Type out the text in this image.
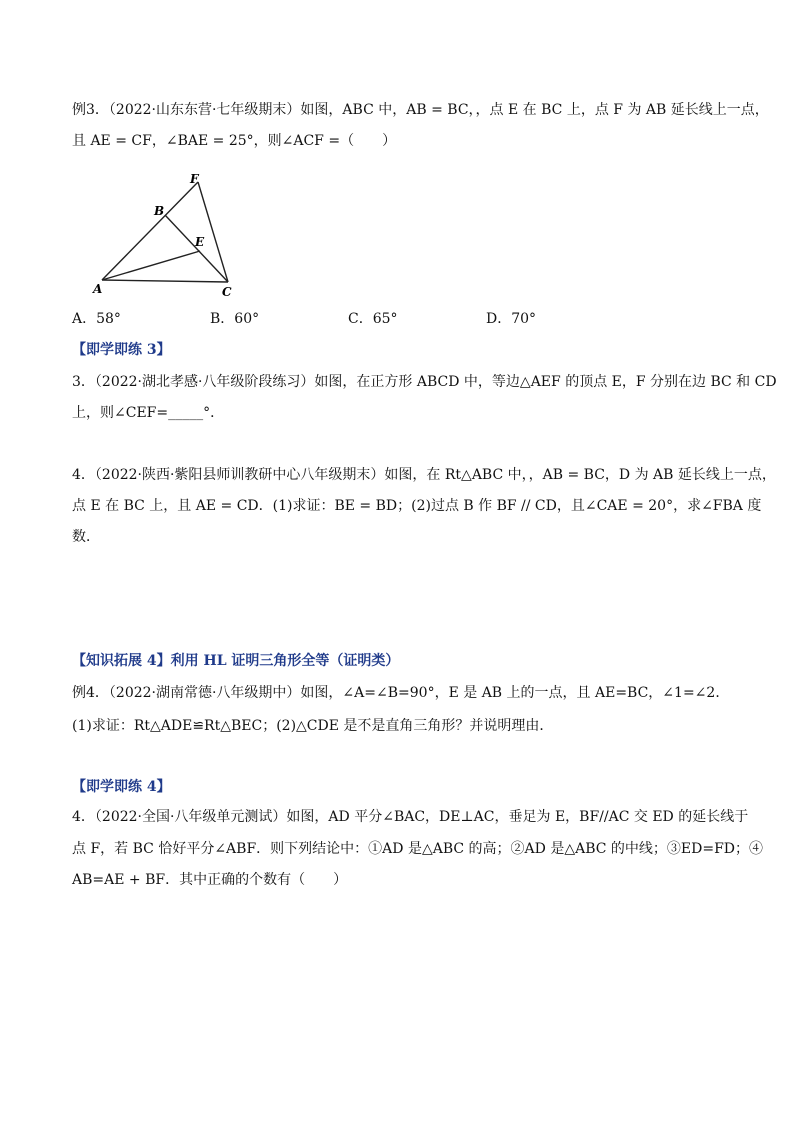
例3．（2022·山东东营·七年级期末）如图，ABC 中，AB = BC，，点 E 在 BC 上，点 F 为 AB 延长线上一点，
且 AE = CF，∠BAE = 25°，则∠ACF =（　　）
F
B
E
A	C
A．58°	B．60°	C．65°	D．70°
【即学即练 3】
3．（2022·湖北孝感·八年级阶段练习）如图，在正方形 ABCD 中，等边△AEF 的顶点 E，F 分别在边 BC 和 CD
上，则∠CEF=_____°．
4．（2022·陕西·紫阳县师训教研中心八年级期末）如图，在 Rt△ABC 中，，AB = BC，D 为 AB 延长线上一点，
点 E 在 BC 上，且 AE = CD．(1)求证：BE = BD；(2)过点 B 作 BF // CD，且∠CAE = 20°，求∠FBA 度
数．
【知识拓展 4】利用 HL 证明三角形全等（证明类）
例4．（2022·湖南常德·八年级期中）如图，∠A=∠B=90°，E 是 AB 上的一点，且 AE=BC，∠1=∠2．
(1)求证：Rt△ADE≌Rt△BEC；(2)△CDE 是不是直角三角形？并说明理由．
【即学即练 4】
4．（2022·全国·八年级单元测试）如图，AD 平分∠BAC，DE⊥AC，垂足为 E，BF//AC 交 ED 的延长线于
点 F，若 BC 恰好平分∠ABF．则下列结论中：①AD 是△ABC 的高；②AD 是△ABC 的中线；③ED=FD；④
AB=AE + BF．其中正确的个数有（　　）
